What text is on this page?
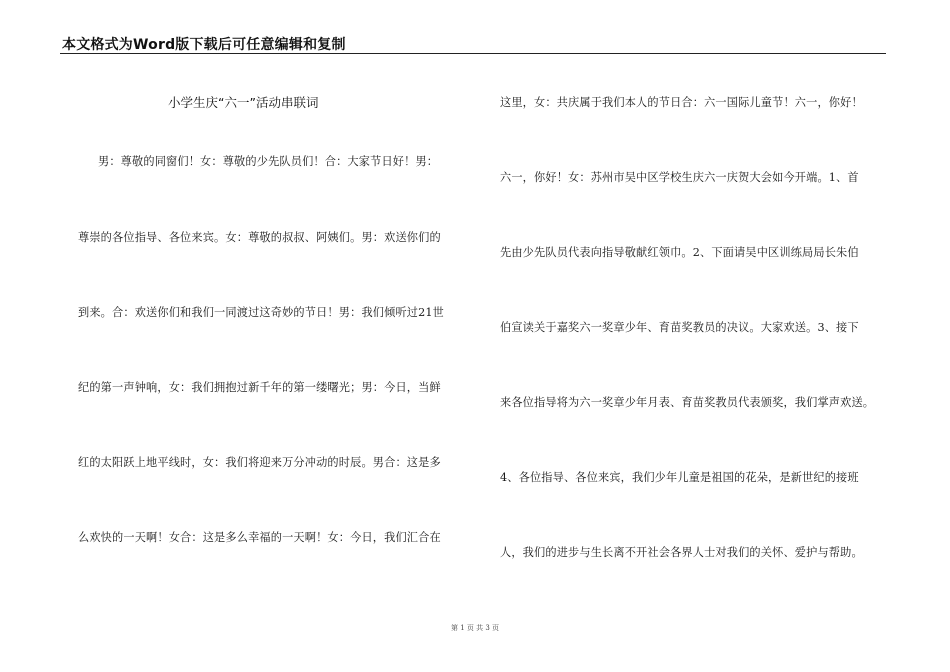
本文格式为Word版下载后可任意编辑和复制
小学生庆“六一”活动串联词
男：尊敬的同窗们！女：尊敬的少先队员们！合：大家节日好！男：
尊崇的各位指导、各位来宾。女：尊敬的叔叔、阿姨们。男：欢送你们的
到来。合：欢送你们和我们一同渡过这奇妙的节日！男：我们倾听过21世
纪的第一声钟响，女：我们拥抱过新千年的第一缕曙光；男：今日，当鲜
红的太阳跃上地平线时，女：我们将迎来万分冲动的时辰。男合：这是多
么欢快的一天啊！女合：这是多么幸福的一天啊！女：今日，我们汇合在
这里，女：共庆属于我们本人的节日合：六一国际儿童节！六一，你好！
六一，你好！女：苏州市吴中区学校生庆六一庆贺大会如今开端。1、首
先由少先队员代表向指导敬献红领巾。2、下面请吴中区训练局局长朱伯
伯宣读关于嘉奖六一奖章少年、育苗奖教员的决议。大家欢送。3、接下
来各位指导将为六一奖章少年月表、育苗奖教员代表颁奖，我们掌声欢送。
4、各位指导、各位来宾，我们少年儿童是祖国的花朵，是新世纪的接班
人，我们的进步与生长离不开社会各界人士对我们的关怀、爱护与帮助。
第 1 页 共 3 页
